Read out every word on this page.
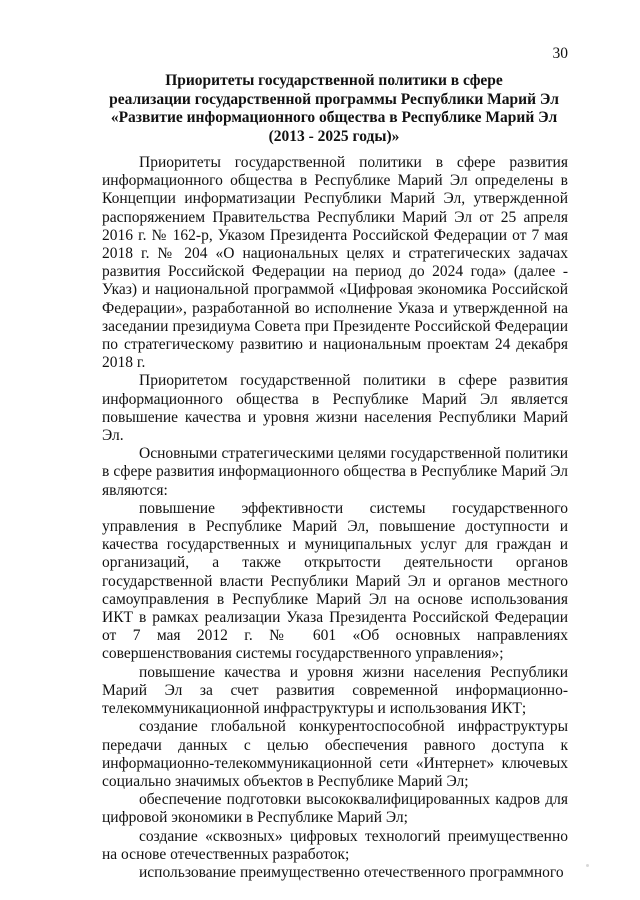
30
Приоритеты государственной политики в сфере
реализации государственной программы Республики Марий Эл
«Развитие информационного общества в Республике Марий Эл
(2013 - 2025 годы)»

Приоритеты государственной политики в сфере развития информационного общества в Республике Марий Эл определены в Концепции информатизации Республики Марий Эл, утвержденной распоряжением Правительства Республики Марий Эл от 25 апреля 2016 г. № 162-р, Указом Президента Российской Федерации от 7 мая 2018 г. № 204 «О национальных целях и стратегических задачах развития Российской Федерации на период до 2024 года» (далее - Указ) и национальной программой «Цифровая экономика Российской Федерации», разработанной во исполнение Указа и утвержденной на заседании президиума Совета при Президенте Российской Федерации по стратегическому развитию и национальным проектам 24 декабря 2018 г.

Приоритетом государственной политики в сфере развития информационного общества в Республике Марий Эл является повышение качества и уровня жизни населения Республики Марий Эл.

Основными стратегическими целями государственной политики в сфере развития информационного общества в Республике Марий Эл являются:

повышение эффективности системы государственного управления в Республике Марий Эл, повышение доступности и качества государственных и муниципальных услуг для граждан и организаций, а также открытости деятельности органов государственной власти Республики Марий Эл и органов местного самоуправления в Республике Марий Эл на основе использования ИКТ в рамках реализации Указа Президента Российской Федерации от 7 мая 2012 г. № 601 «Об основных направлениях совершенствования системы государственного управления»;

повышение качества и уровня жизни населения Республики Марий Эл за счет развития современной информационно-телекоммуникационной инфраструктуры и использования ИКТ;

создание глобальной конкурентоспособной инфраструктуры передачи данных с целью обеспечения равного доступа к информационно-телекоммуникационной сети «Интернет» ключевых социально значимых объектов в Республике Марий Эл;

обеспечение подготовки высококвалифицированных кадров для цифровой экономики в Республике Марий Эл;

создание «сквозных» цифровых технологий преимущественно на основе отечественных разработок;

использование преимущественно отечественного программного
